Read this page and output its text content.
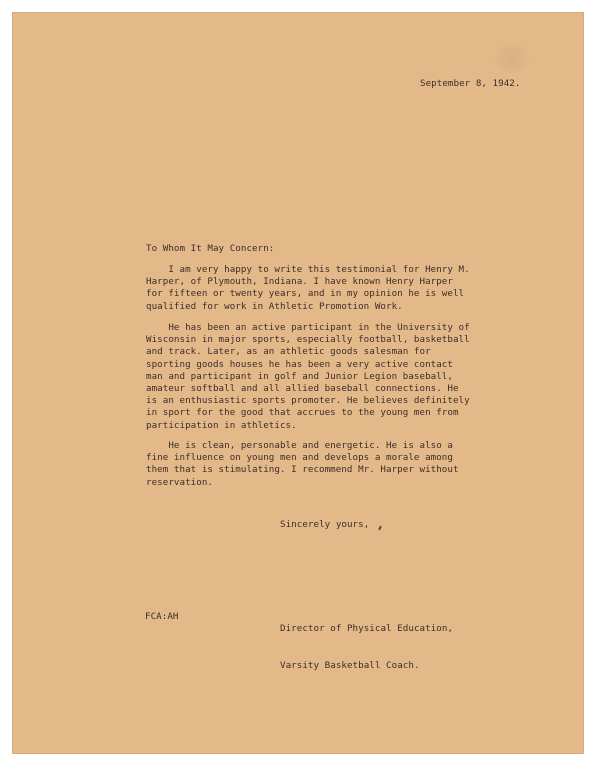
September 8, 1942.
To Whom It May Concern:
I am very happy to write this testimonial for Henry M.
Harper, of Plymouth, Indiana. I have known Henry Harper
for fifteen or twenty years, and in my opinion he is well
qualified for work in Athletic Promotion Work.
He has been an active participant in the University of
Wisconsin in major sports, especially football, basketball
and track. Later, as an athletic goods salesman for
sporting goods houses he has been a very active contact
man and participant in golf and Junior Legion baseball,
amateur softball and all allied baseball connections. He
is an enthusiastic sports promoter. He believes definitely
in sport for the good that accrues to the young men from
participation in athletics.
He is clean, personable and energetic. He is also a
fine influence on young men and develops a morale among
them that is stimulating. I recommend Mr. Harper without
reservation.
Sincerely yours,

Director of Physical Education,

Varsity Basketball Coach.

FCA:AH
